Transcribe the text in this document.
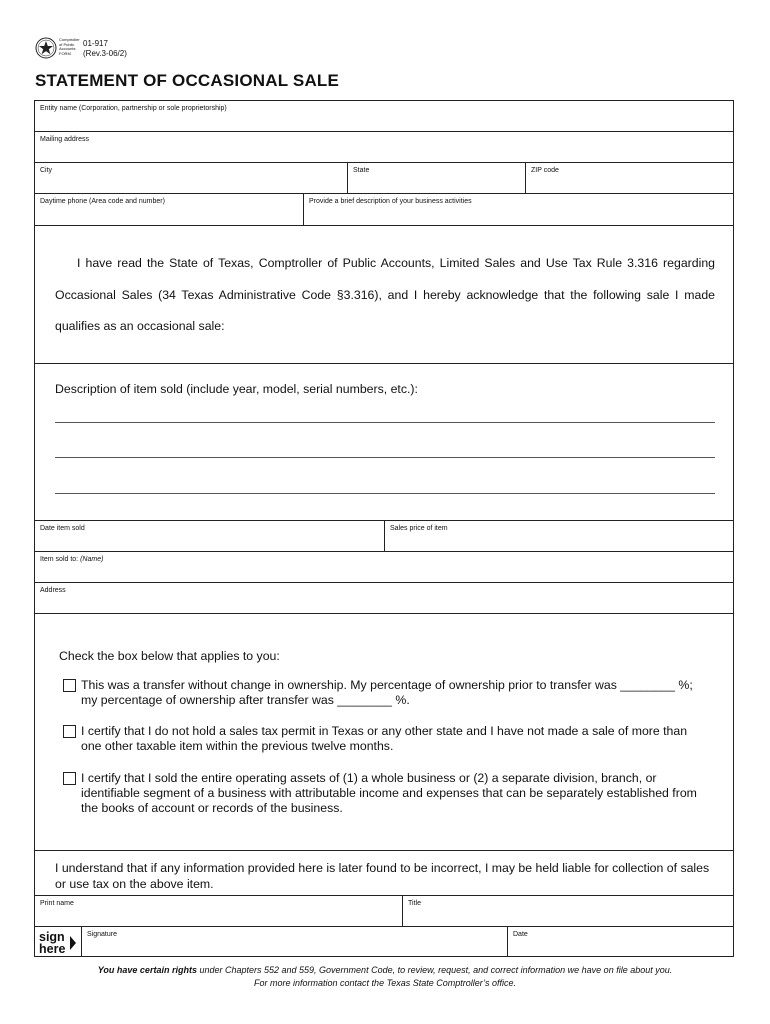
Comptroller
of Public
Accounts
FORM
01-917
(Rev.3-06/2)
STATEMENT OF OCCASIONAL SALE
Entity name (Corporation, partnership or sole proprietorship)
Mailing address
City	State	ZIP code
Daytime phone (Area code and number)	Provide a brief description of your business activities

I have read the State of Texas, Comptroller of Public Accounts, Limited Sales and Use Tax Rule 3.316 regarding

Occasional Sales (34 Texas Administrative Code §3.316), and I hereby acknowledge that the following sale I made

qualifies as an occasional sale:

Description of item sold (include year, model, serial numbers, etc.):
Date item sold	Sales price of item
Item sold to: (Name)
Address
Check the box below that applies to you:
This was a transfer without change in ownership. My percentage of ownership prior to transfer was ________ %;
my percentage of ownership after transfer was ________ %.
I certify that I do not hold a sales tax permit in Texas or any other state and I have not made a sale of more than
one other taxable item within the previous twelve months.
I certify that I sold the entire operating assets of (1) a whole business or (2) a separate division, branch, or
identifiable segment of a business with attributable income and expenses that can be separately established from
the books of account or records of the business.
I understand that if any information provided here is later found to be incorrect, I may be held liable for collection of sales
or use tax on the above item.
Print name	Title
sign
here
Signature	Date
You have certain rights under Chapters 552 and 559, Government Code, to review, request, and correct information we have on file about you.
For more information contact the Texas State Comptroller’s office.
